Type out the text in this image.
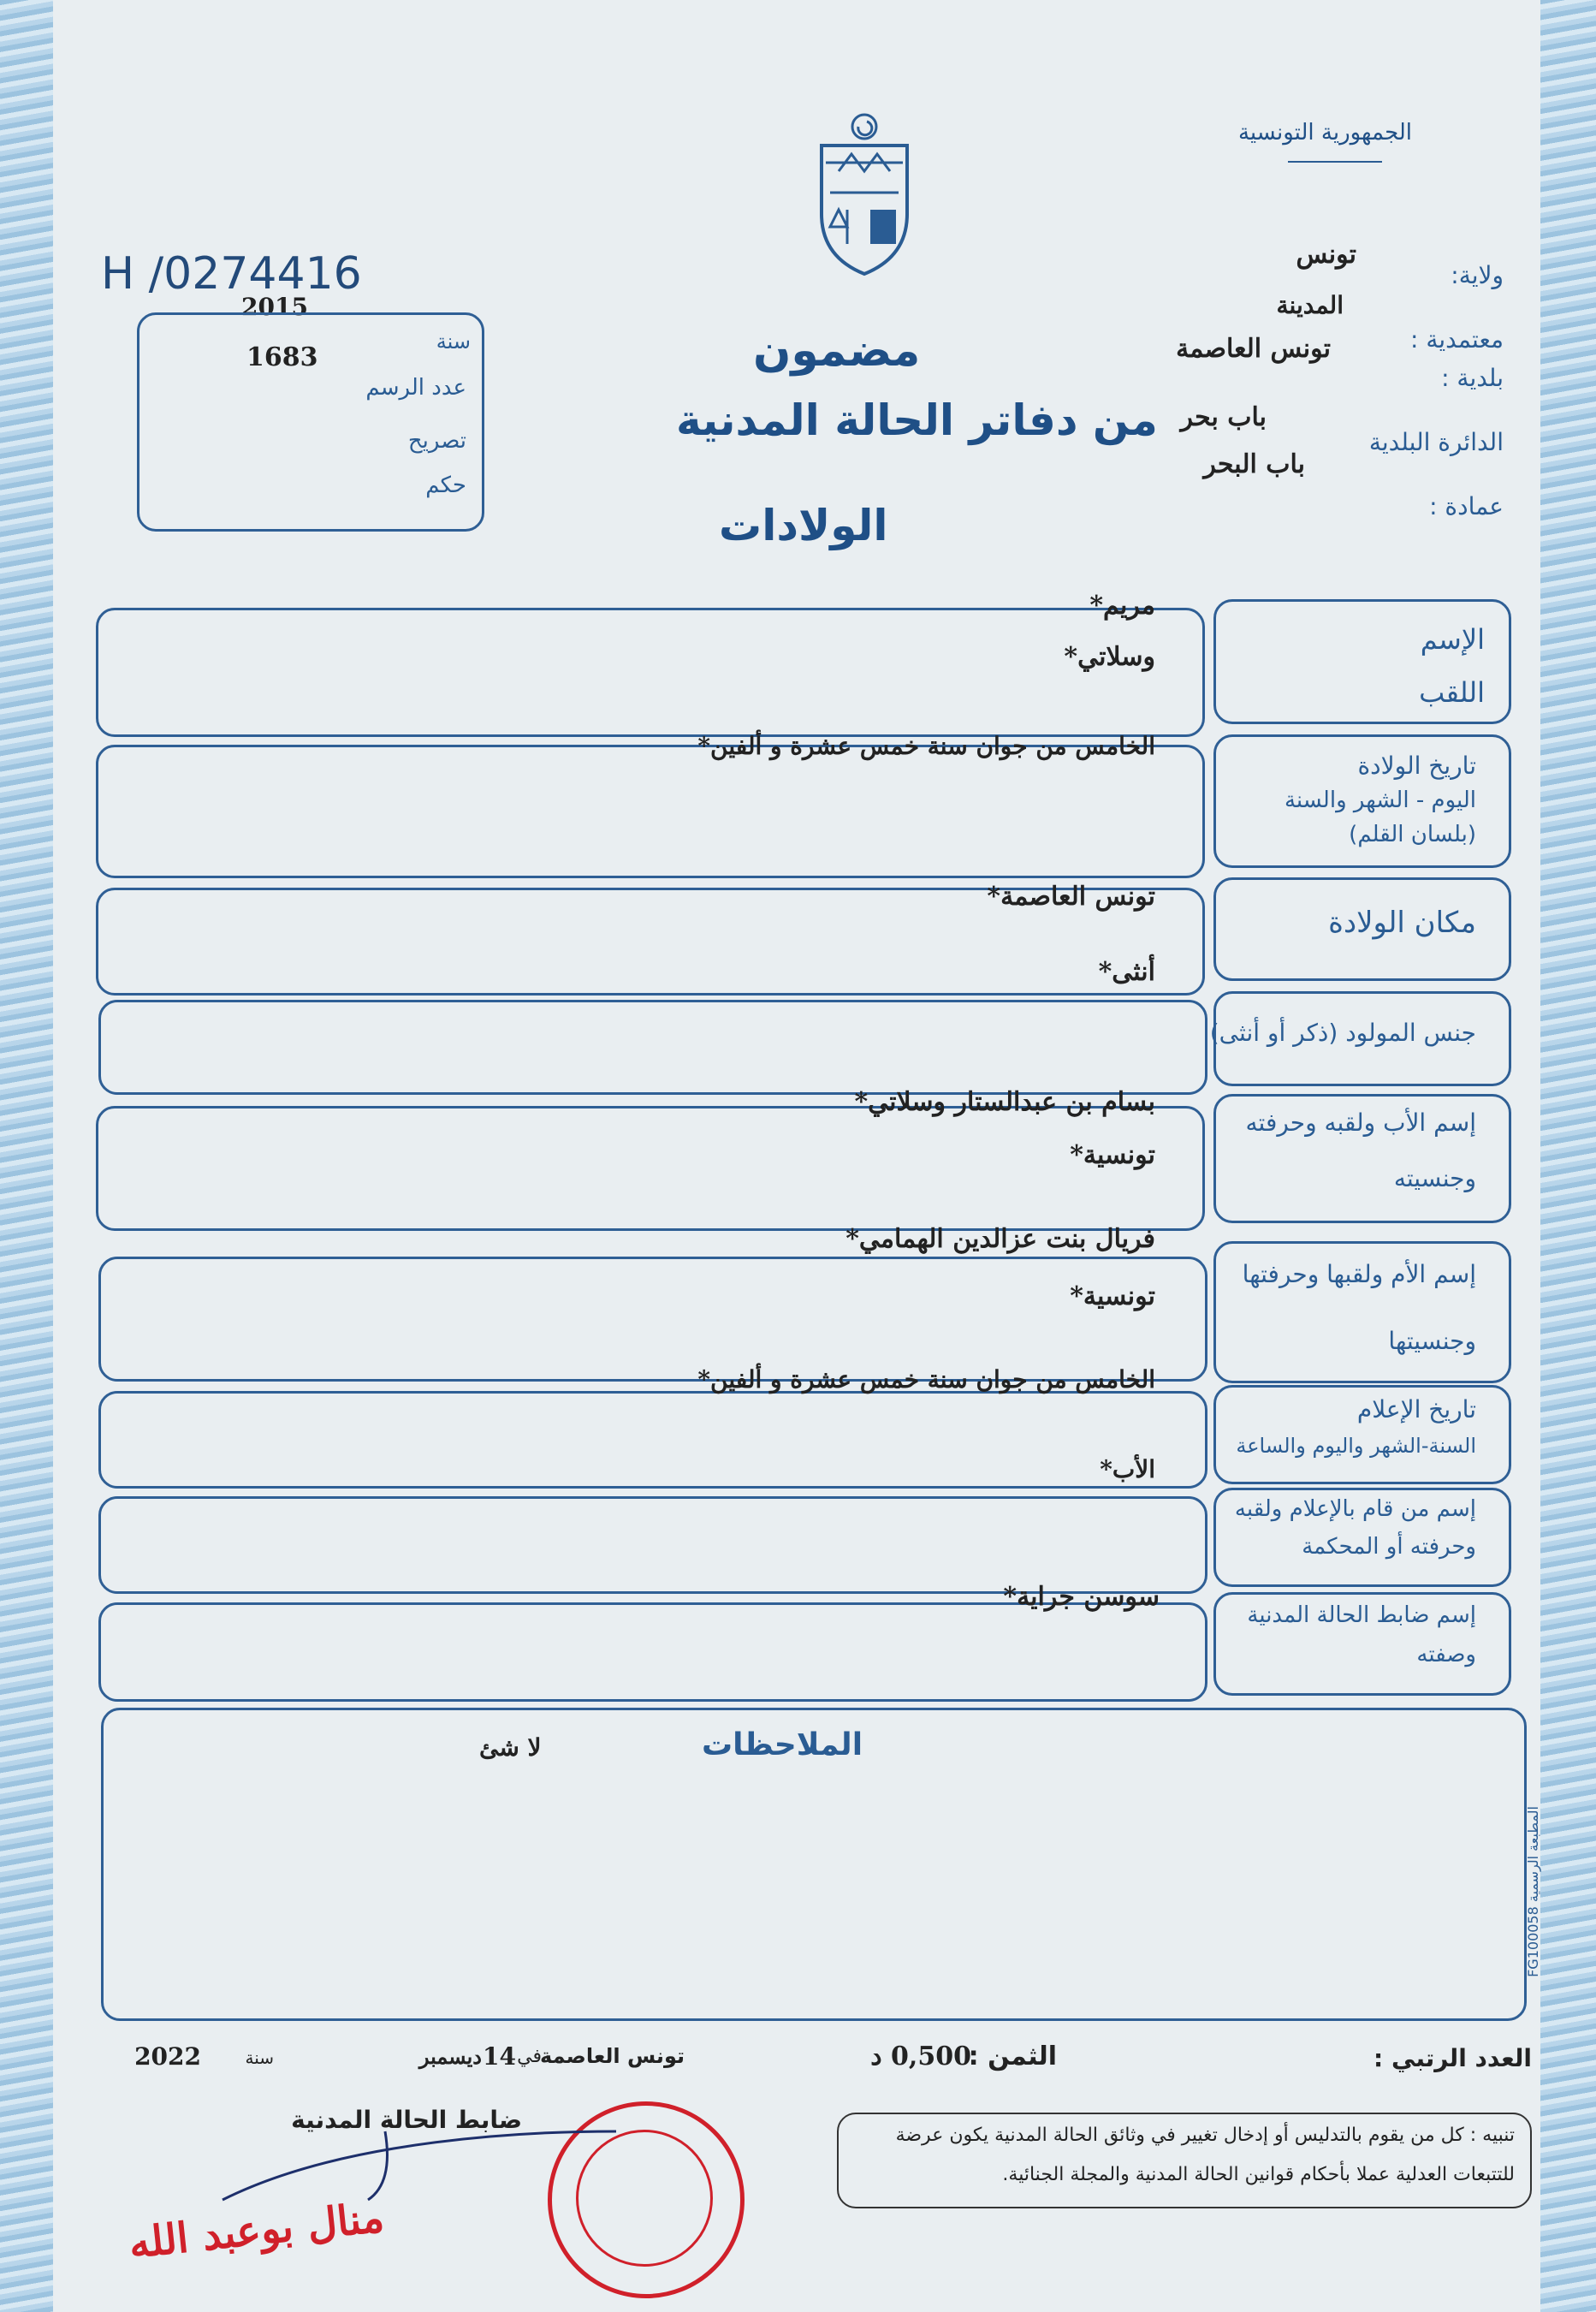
الجمهورية التونسية
H /0274416
مضمون
من دفاتر الحالة المدنية
الولادات
2015
سنة
1683
عدد الرسم
تصريح
حكم
ولاية:
تونس
المدينة
معتمدية :
تونس العاصمة
بلدية :
باب بحر
الدائرة البلدية
باب البحر
عمادة :
الإسم
اللقب
مريم*
وسلاتي*
تاريخ الولادة
اليوم - الشهر والسنة
(بلسان القلم)
الخامس من جوان سنة خمس عشرة و ألفين*
مكان الولادة
تونس العاصمة*
أنثى*
جنس المولود (ذكر أو أنثى)
إسم الأب ولقبه وحرفته
وجنسيته
بسام بن عبدالستار وسلاتي*
تونسية*
إسم الأم ولقبها وحرفتها
وجنسيتها
فريال بنت عزالدين الهمامي*
تونسية*
تاريخ الإعلام
السنة-الشهر واليوم والساعة
الخامس من جوان سنة خمس عشرة و ألفين*
الأب*
إسم من قام بالإعلام ولقبه
وحرفته أو المحكمة
إسم ضابط الحالة المدنية
وصفته
سوسن جراية*
الملاحظات
لا شئ
المطبعة الرسمية FG100058
العدد الرتبي :
الثمن :
0,500 د
تونس العاصمة
في
14
ديسمبر
سنة
2022
ضابط الحالة المدنية
تنبيه : كل من يقوم بالتدليس أو إدخال تغيير في وثائق الحالة المدنية يكون عرضة
للتتبعات العدلية عملا بأحكام قوانين الحالة المدنية والمجلة الجنائية.
منال بوعبد الله
